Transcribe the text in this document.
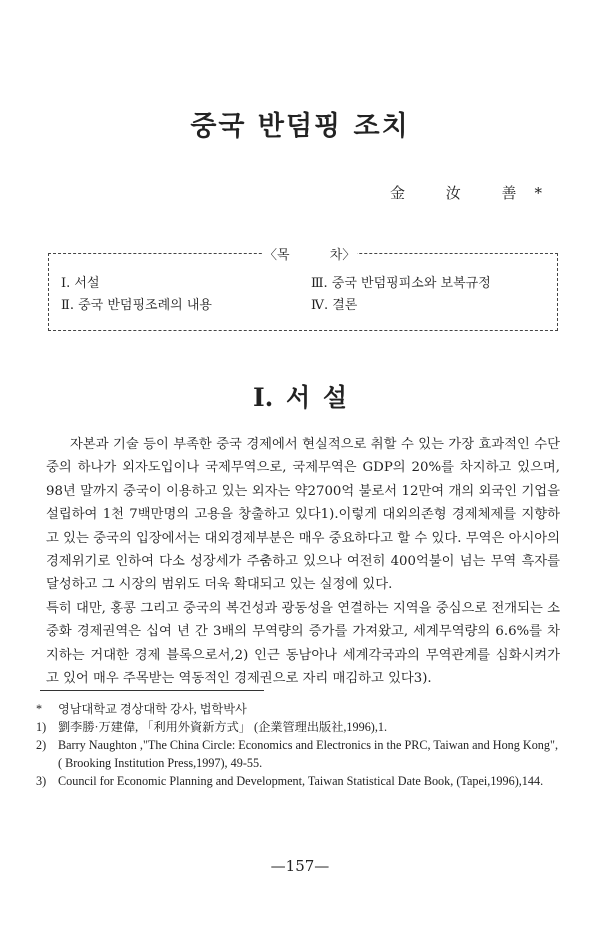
중국 반덤핑 조치
金 汝 善*
Ⅰ. 서설
Ⅱ. 중국 반덤핑조례의 내용
Ⅲ. 중국 반덤핑피소와 보복규정
Ⅳ. 결론
〈목 차〉
I. 서 설

자본과 기술 등이 부족한 중국 경제에서 현실적으로 취할 수 있는 가장 효과적인 수단중의 하나가 외자도입이나 국제무역으로, 국제무역은 GDP의 20%를 차지하고 있으며, 98년 말까지 중국이 이용하고 있는 외자는 약2700억 불로서 12만여 개의 외국인 기업을 설립하여 1천 7백만명의 고용을 창출하고 있다1).이렇게 대외의존형 경제체제를 지향하고 있는 중국의 입장에서는 대외경제부분은 매우 중요하다고 할 수 있다. 무역은 아시아의 경제위기로 인하여 다소 성장세가 주춤하고 있으나 여전히 400억불이 넘는 무역 흑자를 달성하고 그 시장의 범위도 더욱 확대되고 있는 실정에 있다.

특히 대만, 홍콩 그리고 중국의 복건성과 광동성을 연결하는 지역을 중심으로 전개되는 소중화 경제권역은 십여 년 간 3배의 무역량의 증가를 가져왔고, 세계무역량의 6.6%를 차지하는 거대한 경제 블록으로서,2) 인근 동남아나 세계각국과의 무역관계를 심화시켜가고 있어 매우 주목받는 역동적인 경제권으로 자리 매김하고 있다3).

* 영남대학교 경상대학 강사, 법학박사
1) 劉李勝·万建偉, 「利用外資新方式」 (企業管理出版社,1996),1.
2) Barry Naughton ,"The China Circle: Economics and Electronics in the PRC, Taiwan and Hong Kong",( Brooking Institution Press,1997), 49-55.
3) Council for Economic Planning and Development, Taiwan Statistical Date Book, (Tapei,1996),144.
—157—
